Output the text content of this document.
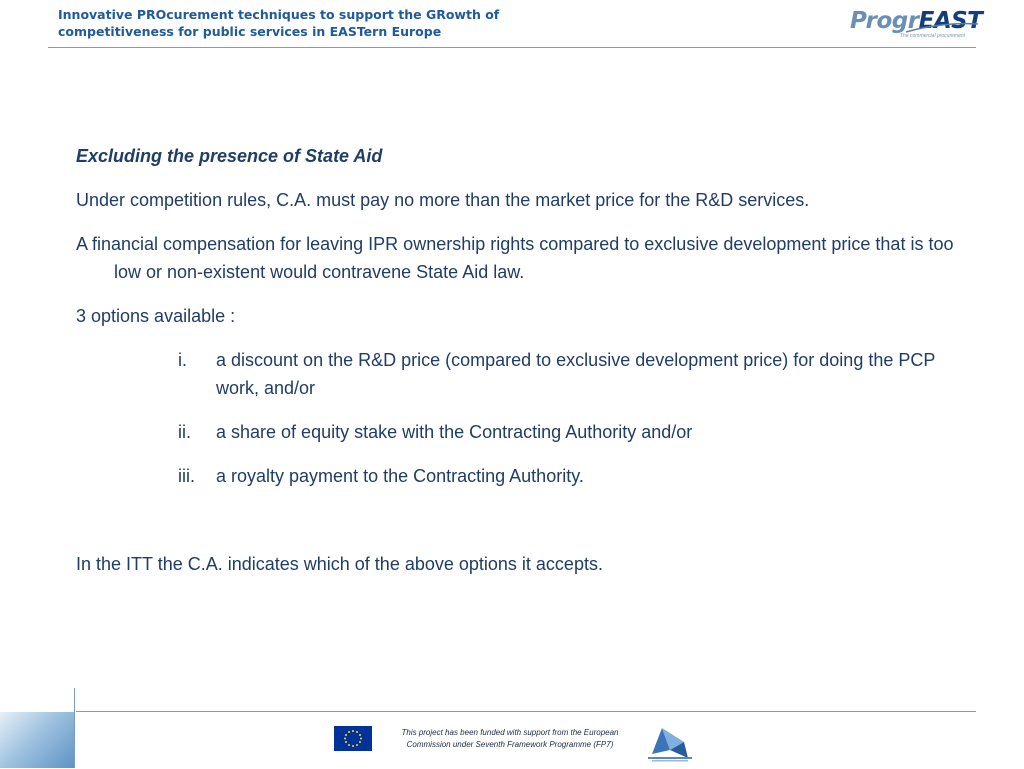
Innovative PROcurement techniques to support the GRowth of
competitiveness for public services in EASTern Europe	ProgrEAST
The commercial procurement

Excluding the presence of State Aid

Under competition rules, C.A. must pay no more than the market price for the R&D services.

A financial compensation for leaving IPR ownership rights compared to exclusive development price that is too low or non-existent would contravene State Aid law.

3 options available :

i. a discount on the R&D price (compared to exclusive development price) for doing the PCP work, and/or
ii. a share of equity stake with the Contracting Authority and/or
iii. a royalty payment to the Contracting Authority.

In the ITT the C.A. indicates which of the above options it accepts.

This project has been funded with support from the European
Commission under Seventh Framework Programme (FP7)
